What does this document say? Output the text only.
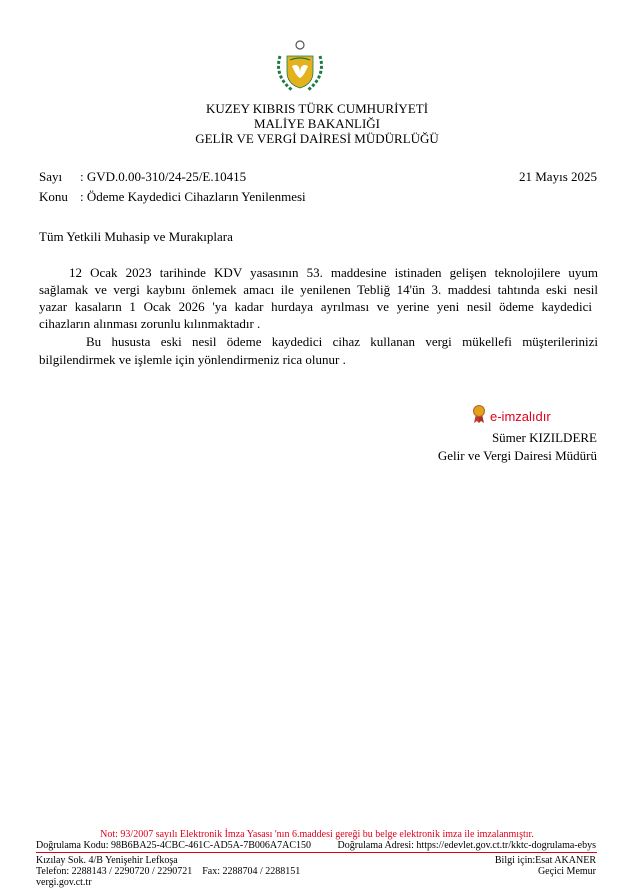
KUZEY KIBRIS TÜRK CUMHURİYETİ
MALİYE BAKANLIĞI
GELİR VE VERGİ DAİRESİ MÜDÜRLÜĞÜ
Sayı : GVD.0.00-310/24-25/E.10415	21 Mayıs 2025
Konu : Ödeme Kaydedici Cihazların Yenilenmesi
Tüm Yetkili Muhasip ve Murakıplara
12 Ocak 2023 tarihinde KDV yasasının 53. maddesine istinaden gelişen teknolojilere uyum
sağlamak ve vergi kaybını önlemek amacı ile yenilenen Tebliğ 14'ün 3. maddesi tahtında eski nesil
yazar kasaların 1 Ocak 2026 'ya kadar hurdaya ayrılması ve yerine yeni nesil ödeme kaydedici
cihazların alınması zorunlu kılınmaktadır .
Bu hususta eski nesil ödeme kaydedici cihaz kullanan vergi mükellefi müşterilerinizi
bilgilendirmek ve işlemle için yönlendirmeniz rica olunur .
e-imzalıdır
Sümer KIZILDERE
Gelir ve Vergi Dairesi Müdürü
Not: 93/2007 sayılı Elektronik İmza Yasası 'nın 6.maddesi gereği bu belge elektronik imza ile imzalanmıştır.
Doğrulama Kodu: 98B6BA25-4CBC-461C-AD5A-7B006A7AC150	Doğrulama Adresi: https://edevlet.gov.ct.tr/kktc-dogrulama-ebys
Kızılay Sok. 4/B Yenişehir Lefkoşa
Telefon: 2288143 / 2290720 / 2290721    Fax: 2288704 / 2288151
vergi.gov.ct.tr
Bilgi için:Esat AKANER
Geçici Memur
